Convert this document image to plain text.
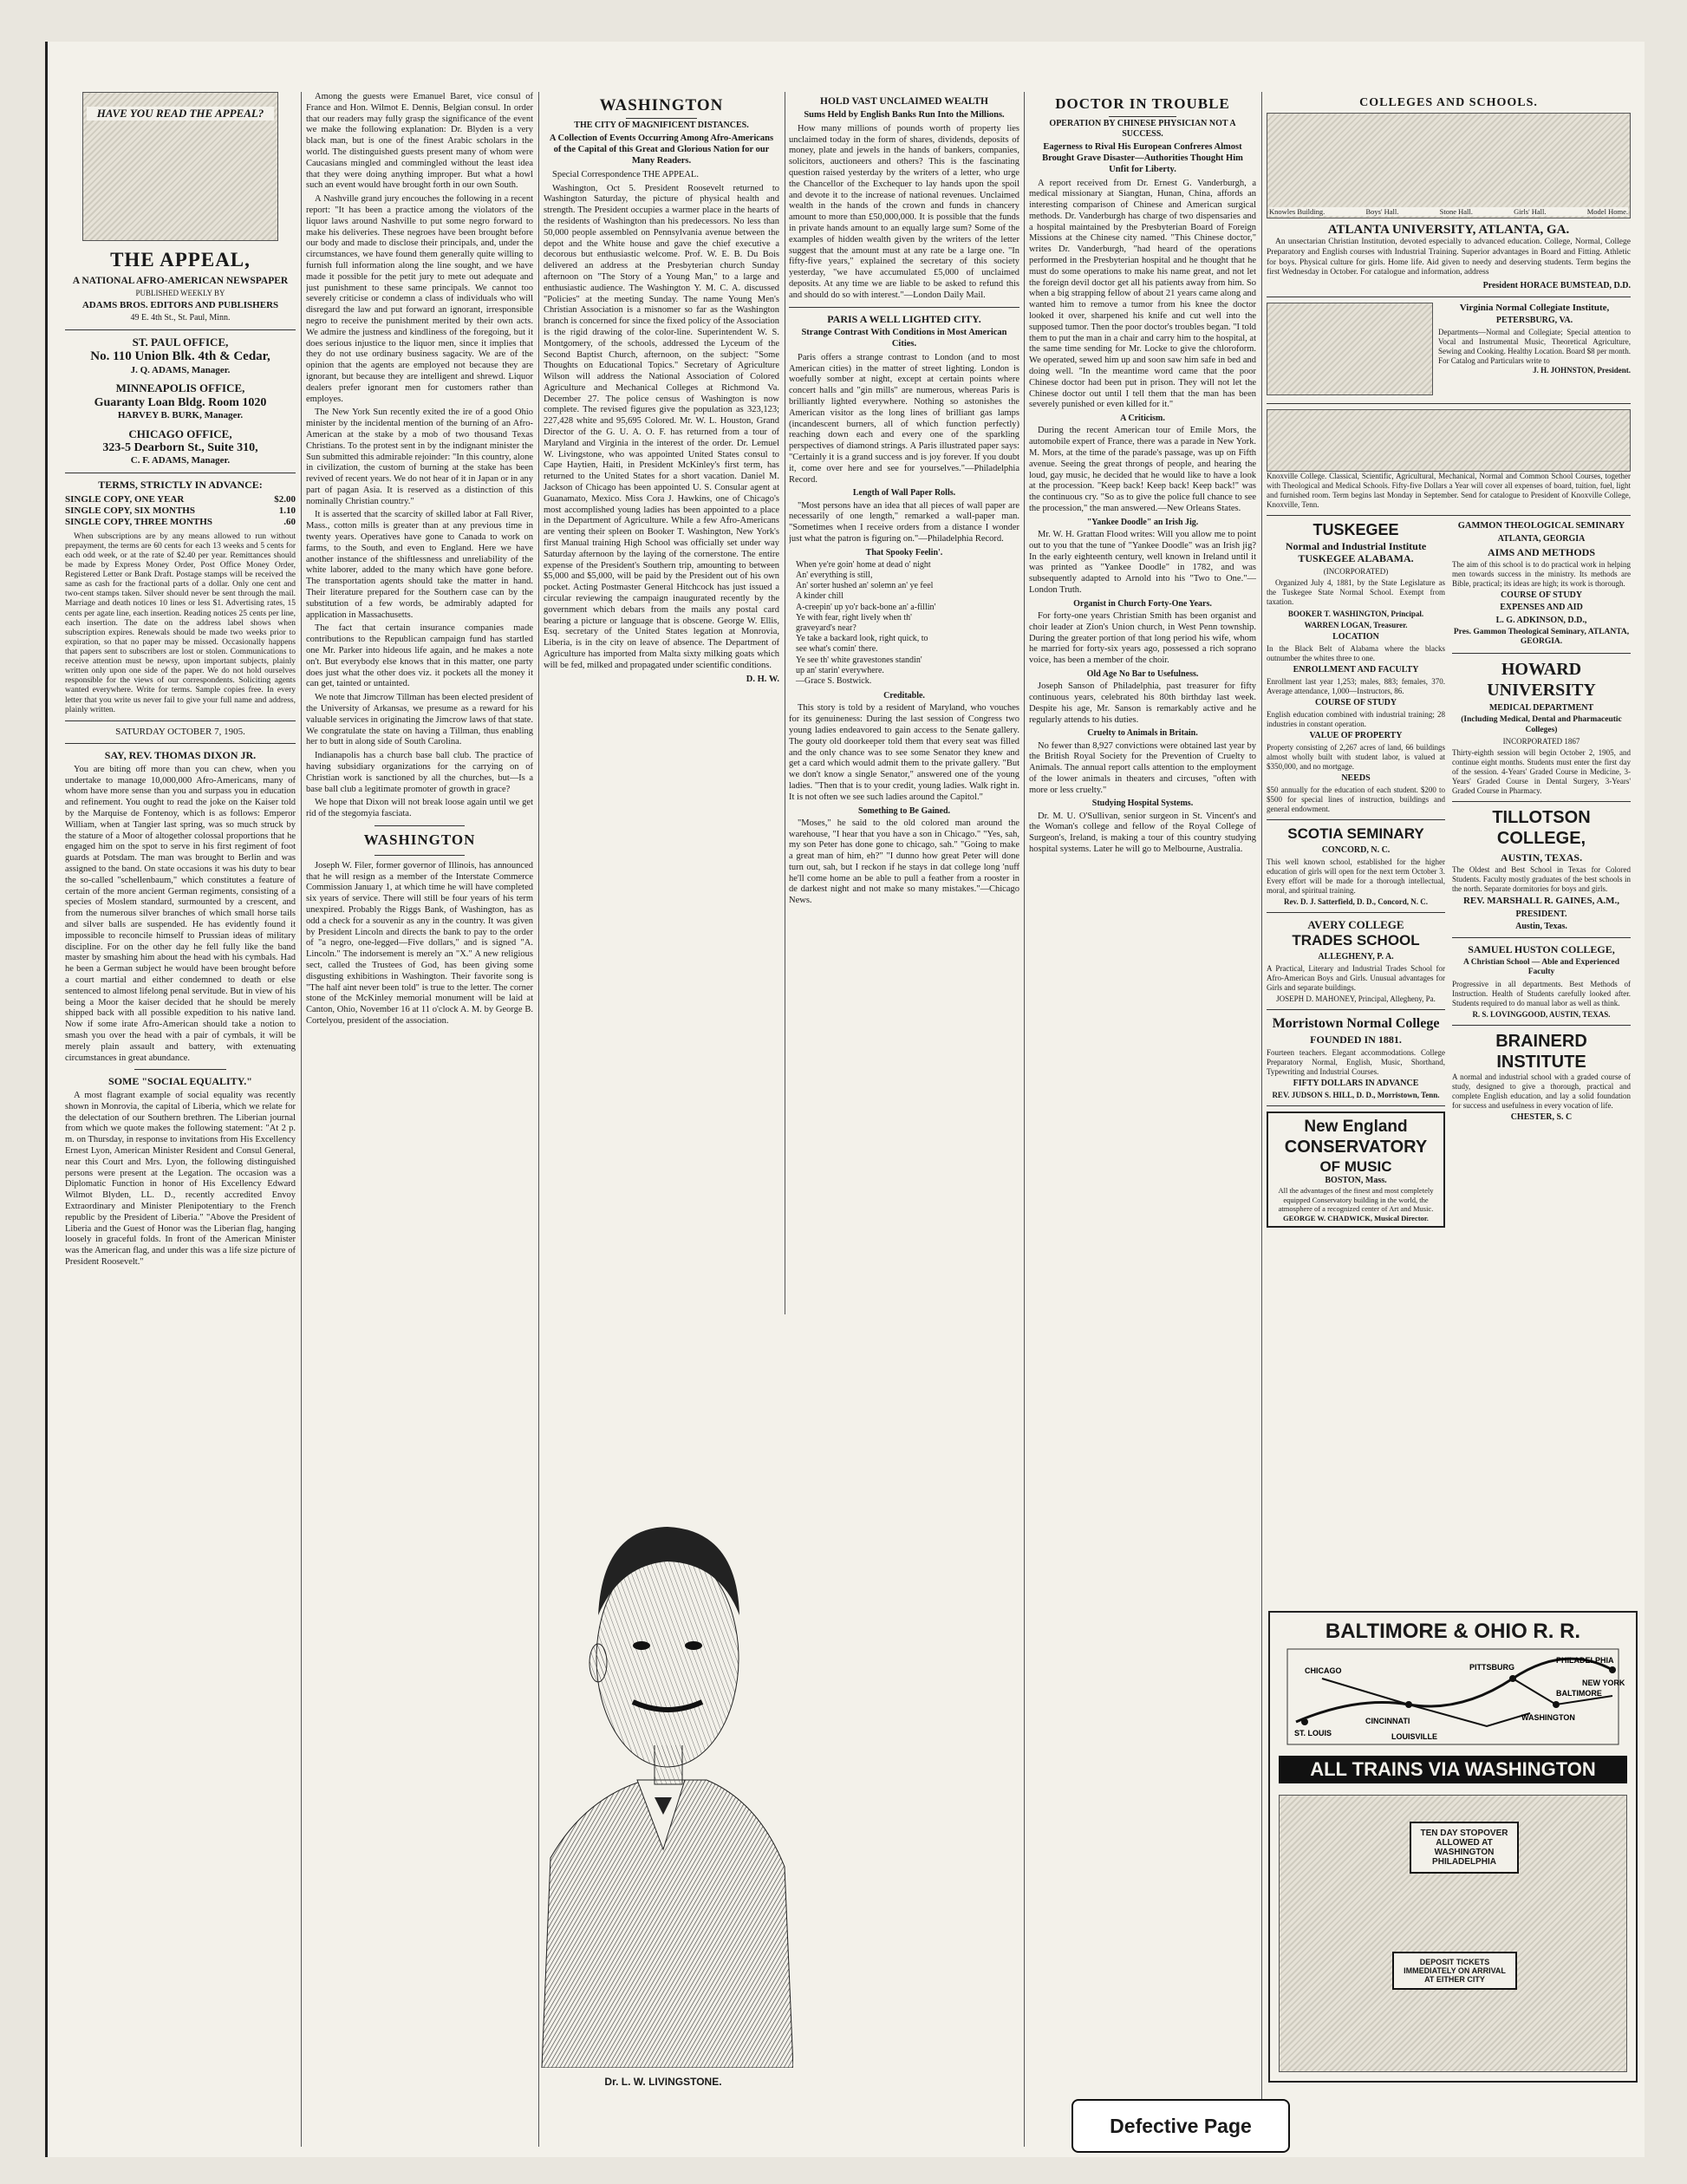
HAVE YOU READ THE APPEAL?
THE APPEAL,
A NATIONAL AFRO-AMERICAN NEWSPAPER
PUBLISHED WEEKLY BY
ADAMS BROS. EDITORS AND PUBLISHERS
49 E. 4th St., St. Paul, Minn.
ST. PAUL OFFICE,
No. 110 Union Blk. 4th & Cedar,
J. Q. ADAMS, Manager.
MINNEAPOLIS OFFICE,
Guaranty Loan Bldg. Room 1020
HARVEY B. BURK, Manager.
CHICAGO OFFICE,
323-5 Dearborn St., Suite 310,
C. F. ADAMS, Manager.
TERMS, STRICTLY IN ADVANCE:
SINGLE COPY, ONE YEAR	$2.00
SINGLE COPY, SIX MONTHS	1.10
SINGLE COPY, THREE MONTHS	.60

When subscriptions are by any means allowed to run without prepayment, the terms are 60 cents for each 13 weeks and 5 cents for each odd week, or at the rate of $2.40 per year. Remittances should be made by Express Money Order, Post Office Money Order, Registered Letter or Bank Draft. Postage stamps will be received the same as cash for the fractional parts of a dollar. Only one cent and two-cent stamps taken. Silver should never be sent through the mail. Marriage and death notices 10 lines or less $1. Advertising rates, 15 cents per agate line, each insertion. Reading notices 25 cents per line, each insertion. The date on the address label shows when subscription expires. Renewals should be made two weeks prior to expiration, so that no paper may be missed. Occasionally happens that papers sent to subscribers are lost or stolen. Communications to receive attention must be newsy, upon important subjects, plainly written only upon one side of the paper. We do not hold ourselves responsible for the views of our correspondents. Soliciting agents wanted everywhere. Write for terms. Sample copies free. In every letter that you write us never fail to give your full name and address, plainly written.

SATURDAY OCTOBER 7, 1905.
SAY, REV. THOMAS DIXON JR.

You are biting off more than you can chew, when you undertake to manage 10,000,000 Afro-Americans, many of whom have more sense than you and surpass you in education and refinement. You ought to read the joke on the Kaiser told by the Marquise de Fontenoy, which is as follows: Emperor William, when at Tangier last spring, was so much struck by the stature of a Moor of altogether colossal proportions that he engaged him on the spot to serve in his first regiment of foot guards at Potsdam. The man was brought to Berlin and was assigned to the band. On state occasions it was his duty to bear the so-called "schellenbaum," which constitutes a feature of certain of the more ancient German regiments, consisting of a species of Moslem standard, surmounted by a crescent, and from the numerous silver branches of which small horse tails and silver balls are suspended. He has evidently found it impossible to reconcile himself to Prussian ideas of military discipline. For on the other day he fell fully like the band master by smashing him about the head with his cymbals. Had he been a German subject he would have been brought before a court martial and either condemned to death or else sentenced to almost lifelong penal servitude. But in view of his being a Moor the kaiser decided that he should be merely shipped back with all possible expedition to his native land. Now if some irate Afro-American should take a notion to smash you over the head with a pair of cymbals, it will be merely plain assault and battery, with extenuating circumstances in great abundance.

SOME "SOCIAL EQUALITY."

A most flagrant example of social equality was recently shown in Monrovia, the capital of Liberia, which we relate for the delectation of our Southern brethren. The Liberian journal from which we quote makes the following statement: "At 2 p. m. on Thursday, in response to invitations from His Excellency Ernest Lyon, American Minister Resident and Consul General, near this Court and Mrs. Lyon, the following distinguished persons were present at the Legation. The occasion was a Diplomatic Function in honor of His Excellency Edward Wilmot Blyden, LL. D., recently accredited Envoy Extraordinary and Minister Plenipotentiary to the French republic by the President of Liberia." "Above the President of Liberia and the Guest of Honor was the Liberian flag, hanging loosely in graceful folds. In front of the American Minister was the American flag, and under this was a life size picture of President Roosevelt."

Among the guests were Emanuel Baret, vice consul of France and Hon. Wilmot E. Dennis, Belgian consul. In order that our readers may fully grasp the significance of the event we make the following explanation: Dr. Blyden is a very black man, but is one of the finest Arabic scholars in the world. The distinguished guests present many of whom were Caucasians mingled and commingled without the least idea that they were doing anything improper. But what a howl such an event would have brought forth in our own South.

A Nashville grand jury encouches the following in a recent report: "It has been a practice among the violators of the liquor laws around Nashville to put some negro forward to make his deliveries. These negroes have been brought before our body and made to disclose their principals, and, under the circumstances, we have found them generally quite willing to furnish full information along the line sought, and we have made it possible for the petit jury to mete out adequate and just punishment to these same principals. We cannot too severely criticise or condemn a class of individuals who will disregard the law and put forward an ignorant, irresponsible negro to receive the punishment merited by their own acts. We admire the justness and kindliness of the foregoing, but it does serious injustice to the liquor men, since it implies that they do not use ordinary business sagacity. We are of the opinion that the agents are employed not because they are ignorant, but because they are intelligent and shrewd. Liquor dealers prefer ignorant men for customers rather than employes.

The New York Sun recently exited the ire of a good Ohio minister by the incidental mention of the burning of an Afro-American at the stake by a mob of two thousand Texas Christians. To the protest sent in by the indignant minister the Sun submitted this admirable rejoinder: "In this country, alone in civilization, the custom of burning at the stake has been revived of recent years. We do not hear of it in Japan or in any part of pagan Asia. It is reserved as a distinction of this nominally Christian country."

It is asserted that the scarcity of skilled labor at Fall River, Mass., cotton mills is greater than at any previous time in twenty years. Operatives have gone to Canada to work on farms, to the South, and even to England. Here we have another instance of the shiftlessness and unreliability of the white laborer, added to the many which have gone before. The transportation agents should take the matter in hand. Their literature prepared for the Southern case can by the substitution of a few words, be admirably adapted for application in Massachusetts.

The fact that certain insurance companies made contributions to the Republican campaign fund has startled one Mr. Parker into hideous life again, and he makes a note on't. But everybody else knows that in this matter, one party does just what the other does viz. it pockets all the money it can get, tainted or untainted.

We note that Jimcrow Tillman has been elected president of the University of Arkansas, we presume as a reward for his valuable services in originating the Jimcrow laws of that state. We congratulate the state on having a Tillman, thus enabling her to butt in along side of South Carolina.

Indianapolis has a church base ball club. The practice of having subsidiary organizations for the carrying on of Christian work is sanctioned by all the churches, but—Is a base ball club a legitimate promoter of growth in grace?

We hope that Dixon will not break loose again until we get rid of the stegomyia fasciata.

WASHINGTON

Joseph W. Filer, former governor of Illinois, has announced that he will resign as a member of the Interstate Commerce Commission January 1, at which time he will have completed six years of service. There will still be four years of his term unexpired. Probably the Riggs Bank, of Washington, has as odd a check for a souvenir as any in the country. It was given by President Lincoln and directs the bank to pay to the order of "a negro, one-legged—Five dollars," and is signed "A. Lincoln." The indorsement is merely an "X." A new religious sect, called the Trustees of God, has been giving some disgusting exhibitions in Washington. Their favorite song is "The half aint never been told" is true to the letter. The corner stone of the McKinley memorial monument will be laid at Canton, Ohio, November 16 at 11 o'clock A. M. by George B. Cortelyou, president of the association.

WASHINGTON
THE CITY OF MAGNIFICENT DISTANCES.
A Collection of Events Occurring Among Afro-Americans of the Capital of this Great and Glorious Nation for our Many Readers.

Special Correspondence THE APPEAL.

Washington, Oct 5. President Roosevelt returned to Washington Saturday, the picture of physical health and strength. The President occupies a warmer place in the hearts of the residents of Washington than his predecessors. No less than 50,000 people assembled on Pennsylvania avenue between the depot and the White house and gave the chief executive a decorous but enthusiastic welcome. Prof. W. E. B. Du Bois delivered an address at the Presbyterian church Sunday afternoon on "The Story of a Young Man," to a large and enthusiastic audience. The Washington Y. M. C. A. discussed "Policies" at the meeting Sunday. The name Young Men's Christian Association is a misnomer so far as the Washington branch is concerned for since the fixed policy of the Association is the rigid drawing of the color-line. Superintendent W. S. Montgomery, of the schools, addressed the Lyceum of the Second Baptist Church, afternoon, on the subject: "Some Thoughts on Educational Topics." Secretary of Agriculture Wilson will address the National Association of Colored Agriculture and Mechanical Colleges at Richmond Va. December 27. The police census of Washington is now complete. The revised figures give the population as 323,123; 227,428 white and 95,695 Colored. Mr. W. L. Houston, Grand Director of the G. U. A. O. F. has returned from a tour of Maryland and Virginia in the interest of the order. Dr. Lemuel W. Livingstone, who was appointed United States consul to Cape Haytien, Haiti, in President McKinley's first term, has returned to the United States for a short vacation. Daniel M. Jackson of Chicago has been appointed U. S. Consular agent at Guanamato, Mexico. Miss Cora J. Hawkins, one of Chicago's most accomplished young ladies has been appointed to a place in the Department of Agriculture. While a few Afro-Americans are venting their spleen on Booker T. Washington, New York's first Manual training High School was officially set under way Saturday afternoon by the laying of the cornerstone. The entire expense of the President's Southern trip, amounting to between $5,000 and $5,000, will be paid by the President out of his own pocket. Acting Postmaster General Hitchcock has just issued a circular reviewing the campaign inaugurated recently by the government which debars from the mails any postal card bearing a picture or language that is obscene. George W. Ellis, Esq. secretary of the United States legation at Monrovia, Liberia, is in the city on leave of absence. The Department of Agriculture has imported from Malta sixty milking goats which will be fed, milked and propagated under scientific conditions.

D. H. W.
Dr. L. W. LIVINGSTONE.
HOLD VAST UNCLAIMED WEALTH
Sums Held by English Banks Run Into the Millions.

How many millions of pounds worth of property lies unclaimed today in the form of shares, dividends, deposits of money, plate and jewels in the hands of bankers, companies, solicitors, auctioneers and others? This is the fascinating question raised yesterday by the writers of a letter, who urge the Chancellor of the Exchequer to lay hands upon the spoil and devote it to the increase of national revenues. Unclaimed wealth in the hands of the crown and funds in chancery amount to more than £50,000,000. It is possible that the funds in private hands amount to an equally large sum? Some of the examples of hidden wealth given by the writers of the letter suggest that the amount must at any rate be a large one. "In fifty-five years," explained the secretary of this society yesterday, "we have accumulated £5,000 of unclaimed deposits. At any time we are liable to be asked to refund this and should do so with interest."—London Daily Mail.

PARIS A WELL LIGHTED CITY.
Strange Contrast With Conditions in Most American Cities.

Paris offers a strange contrast to London (and to most American cities) in the matter of street lighting. London is woefully somber at night, except at certain points where concert halls and "gin mills" are numerous, whereas Paris is brilliantly lighted everywhere. Nothing so astonishes the American visitor as the long lines of brilliant gas lamps (incandescent burners, all of which function perfectly) reaching down each and every one of the sparkling perspectives of diamond strings. A Paris illustrated paper says: "Certainly it is a grand success and is joy forever. If you doubt it, come over here and see for yourselves."—Philadelphia Record.

Length of Wall Paper Rolls.

"Most persons have an idea that all pieces of wall paper are necessarily of one length," remarked a wall-paper man. "Sometimes when I receive orders from a distance I wonder just what the patron is figuring on."—Philadelphia Record.

That Spooky Feelin'.
When ye're goin' home at dead o' night
An' everything is still,
An' sorter hushed an' solemn an' ye feel
A kinder chill
A-creepin' up yo'r back-bone an' a-fillin'
Ye with fear, right lively when th'
graveyard's near?
Ye take a backard look, right quick, to
see what's comin' there.
Ye see th' white gravestones standin'
up an' starin' everywhere.
—Grace S. Bostwick.
Creditable.

This story is told by a resident of Maryland, who vouches for its genuineness: During the last session of Congress two young ladies endeavored to gain access to the Senate gallery. The gouty old doorkeeper told them that every seat was filled and the only chance was to see some Senator they knew and get a card which would admit them to the private gallery. "But we don't know a single Senator," answered one of the young ladies. "Then that is to your credit, young ladies. Walk right in. It is not often we see such ladies around the Capitol."

Something to Be Gained.

"Moses," he said to the old colored man around the warehouse, "I hear that you have a son in Chicago." "Yes, sah, my son Peter has done gone to chicago, sah." "Going to make a great man of him, eh?" "I dunno how great Peter will done turn out, sah, but I reckon if he stays in dat college long 'nuff he'll come home an be able to pull a feather from a rooster in de darkest night and not make so many mistakes."—Chicago News.

DOCTOR IN TROUBLE
OPERATION BY CHINESE PHYSICIAN NOT A SUCCESS.
Eagerness to Rival His European Confreres Almost Brought Grave Disaster—Authorities Thought Him Unfit for Liberty.

A report received from Dr. Ernest G. Vanderburgh, a medical missionary at Siangtan, Hunan, China, affords an interesting comparison of Chinese and American surgical methods. Dr. Vanderburgh has charge of two dispensaries and a hospital maintained by the Presbyterian Board of Foreign Missions at the Chinese city named. "This Chinese doctor," writes Dr. Vanderburgh, "had heard of the operations performed in the Presbyterian hospital and he thought that he must do some operations to make his name great, and not let the foreign devil doctor get all his patients away from him. So when a big strapping fellow of about 21 years came along and wanted him to remove a tumor from his knee the doctor looked it over, sharpened his knife and cut well into the supposed tumor. Then the poor doctor's troubles began. "I told them to put the man in a chair and carry him to the hospital, at the same time sending for Mr. Locke to give the chloroform. We operated, sewed him up and soon saw him safe in bed and doing well. "In the meantime word came that the poor Chinese doctor had been put in prison. They will not let the Chinese doctor out until I tell them that the man has been severely punished or even killed for it."

A Criticism.

During the recent American tour of Emile Mors, the automobile expert of France, there was a parade in New York. M. Mors, at the time of the parade's passage, was up on Fifth avenue. Seeing the great throngs of people, and hearing the loud, gay music, he decided that he would like to have a look at the procession. "Keep back! Keep back! Keep back!" was the continuous cry. "So as to give the police full chance to see the procession," the man answered.—New Orleans States.

"Yankee Doodle" an Irish Jig.

Mr. W. H. Grattan Flood writes: Will you allow me to point out to you that the tune of "Yankee Doodle" was an Irish jig? In the early eighteenth century, well known in Ireland until it was printed as "Yankee Doodle" in 1782, and was subsequently adapted to Arnold into his "Two to One."—London Truth.

Organist in Church Forty-One Years.

For forty-one years Christian Smith has been organist and choir leader at Zion's Union church, in West Penn township. During the greater portion of that long period his wife, whom he married for forty-six years ago, possessed a rich soprano voice, has been a member of the choir.

Old Age No Bar to Usefulness.

Joseph Sanson of Philadelphia, past treasurer for fifty continuous years, celebrated his 80th birthday last week. Despite his age, Mr. Sanson is remarkably active and he regularly attends to his duties.

Cruelty to Animals in Britain.

No fewer than 8,927 convictions were obtained last year by the British Royal Society for the Prevention of Cruelty to Animals. The annual report calls attention to the employment of the lower animals in theaters and circuses, "often with more or less cruelty."

Studying Hospital Systems.

Dr. M. U. O'Sullivan, senior surgeon in St. Vincent's and the Woman's college and fellow of the Royal College of Surgeon's, Ireland, is making a tour of this country studying hospital systems. Later he will go to Melbourne, Australia.

COLLEGES AND SCHOOLS.
Knowles Building.	Boys' Hall.	Stone Hall.	Girls' Hall.	Model Home.
ATLANTA UNIVERSITY, ATLANTA, GA.

An unsectarian Christian Institution, devoted especially to advanced education. College, Normal, College Preparatory and English courses with Industrial Training. Superior advantages in Board and Fitting. Athletic for boys. Physical culture for girls. Home life. Aid given to needy and deserving students. Term begins the first Wednesday in October. For catalogue and information, address

President HORACE BUMSTEAD, D.D.
Virginia Normal Collegiate Institute,
PETERSBURG, VA.
Departments—Normal and Collegiate; Special attention to Vocal and Instrumental Music, Theoretical Agriculture, Sewing and Cooking. Healthy Location. Board $8 per month. For Catalog and Particulars write to
J. H. JOHNSTON, President.

Knoxville College. Classical, Scientific, Agricultural, Mechanical, Normal and Common School Courses, together with Theological and Medical Schools. Fifty-five Dollars a Year will cover all expenses of board, tuition, fuel, light and furnished room. Term begins last Monday in September. Send for catalogue to President of Knoxville College, Knoxville, Tenn.

TUSKEGEE
Normal and Industrial Institute
TUSKEGEE ALABAMA.
(INCORPORATED)

Organized July 4, 1881, by the State Legislature as the Tuskegee State Normal School. Exempt from taxation.

BOOKER T. WASHINGTON, Principal.
WARREN LOGAN, Treasurer.
LOCATION
In the Black Belt of Alabama where the blacks outnumber the whites three to one.
ENROLLMENT AND FACULTY
Enrollment last year 1,253; males, 883; females, 370. Average attendance, 1,000—Instructors, 86.
COURSE OF STUDY
English education combined with industrial training; 28 industries in constant operation.
VALUE OF PROPERTY
Property consisting of 2,267 acres of land, 66 buildings almost wholly built with student labor, is valued at $350,000, and no mortgage.
NEEDS
$50 annually for the education of each student. $200 to $500 for special lines of instruction, buildings and general endowment.
SCOTIA SEMINARY
CONCORD, N. C.
This well known school, established for the higher education of girls will open for the next term October 3. Every effort will be made for a thorough intellectual, moral, and spiritual training.
Rev. D. J. Satterfield, D. D., Concord, N. C.
AVERY COLLEGE
TRADES SCHOOL
ALLEGHENY, P. A.
A Practical, Literary and Industrial Trades School for Afro-American Boys and Girls. Unusual advantages for Girls and separate buildings.
JOSEPH D. MAHONEY, Principal, Allegheny, Pa.
Morristown Normal College
FOUNDED IN 1881.
Fourteen teachers. Elegant accommodations. College Preparatory Normal, English, Music, Shorthand, Typewriting and Industrial Courses.
FIFTY DOLLARS IN ADVANCE
REV. JUDSON S. HILL, D. D., Morristown, Tenn.
New England
CONSERVATORY
OF MUSIC
BOSTON, Mass.
All the advantages of the finest and most completely equipped Conservatory building in the world, the atmosphere of a recognized center of Art and Music.
GEORGE W. CHADWICK, Musical Director.
GAMMON THEOLOGICAL SEMINARY
ATLANTA, GEORGIA
AIMS AND METHODS
The aim of this school is to do practical work in helping men towards success in the ministry. Its methods are Bible, practical; its ideas are high; its work is thorough.
COURSE OF STUDY
EXPENSES AND AID
L. G. ADKINSON, D.D.,
Pres. Gammon Theological Seminary, ATLANTA, GEORGIA.
HOWARD UNIVERSITY
MEDICAL DEPARTMENT
(Including Medical, Dental and Pharmaceutic Colleges)
INCORPORATED 1867
Thirty-eighth session will begin October 2, 1905, and continue eight months. Students must enter the first day of the session. 4-Years' Graded Course in Medicine, 3-Years' Graded Course in Dental Surgery, 3-Years' Graded Course in Pharmacy.
TILLOTSON COLLEGE,
AUSTIN, TEXAS.
The Oldest and Best School in Texas for Colored Students. Faculty mostly graduates of the best schools in the north. Separate dormitories for boys and girls.
REV. MARSHALL R. GAINES, A.M.,
PRESIDENT.
Austin, Texas.
SAMUEL HUSTON COLLEGE,
A Christian School — Able and Experienced Faculty
Progressive in all departments. Best Methods of Instruction. Health of Students carefully looked after. Students required to do manual labor as well as think.
R. S. LOVINGGOOD, AUSTIN, TEXAS.
BRAINERD INSTITUTE
A normal and industrial school with a graded course of study, designed to give a thorough, practical and complete English education, and lay a solid foundation for success and usefulness in every vocation of life.
CHESTER, S. C
BALTIMORE & OHIO R. R.
ST. LOUIS
CHICAGO	PITTSBURG
WASHINGTON
BALTIMORE
PHILADELPHIA
NEW YORK
CINCINNATI
LOUISVILLE
ALL TRAINS VIA WASHINGTON
TEN DAY STOPOVER ALLOWED AT WASHINGTON PHILADELPHIA
DEPOSIT TICKETS IMMEDIATELY ON ARRIVAL AT EITHER CITY
Defective Page
